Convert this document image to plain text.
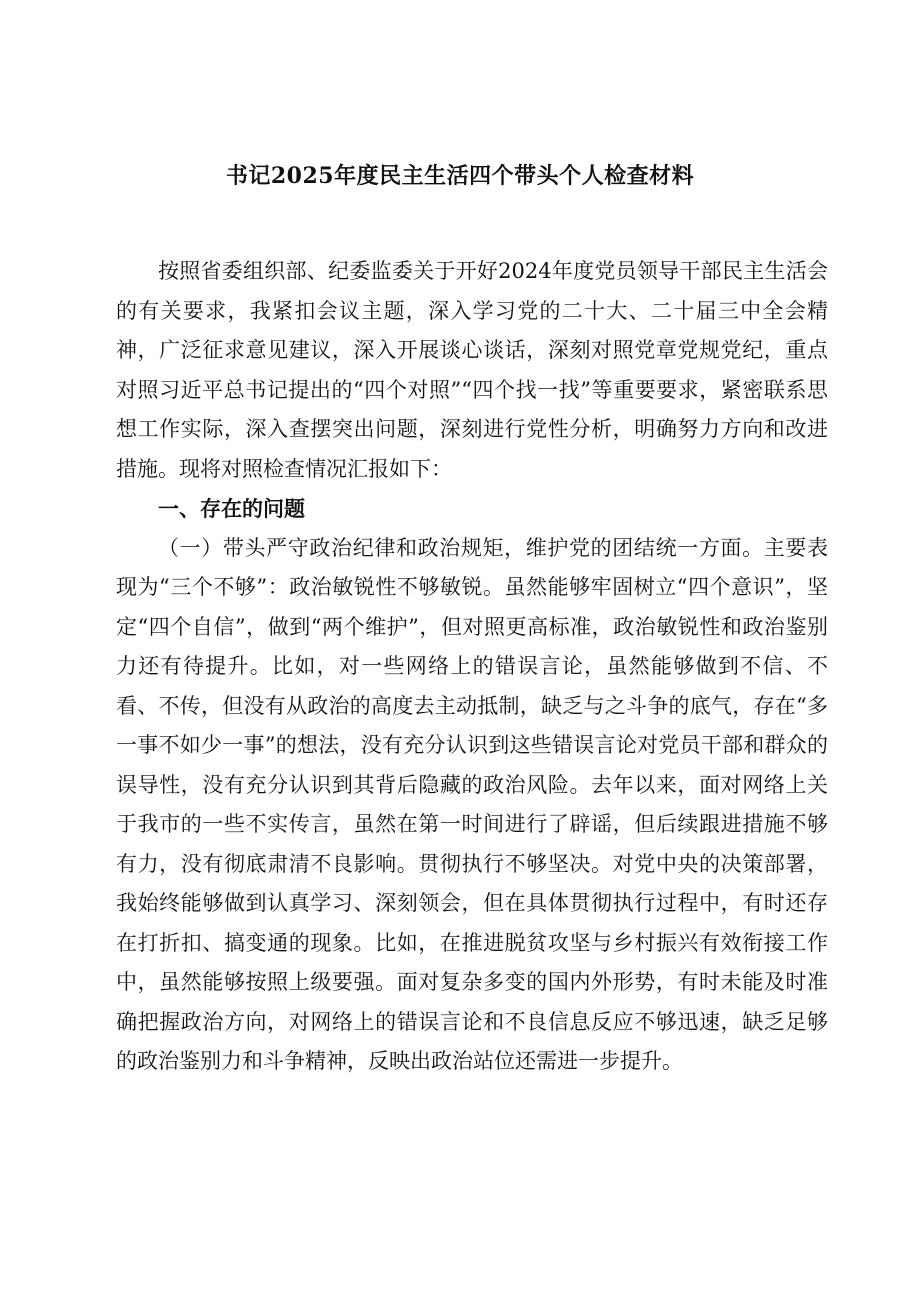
书记2025年度民主生活四个带头个人检查材料

按照省委组织部、纪委监委关于开好2024年度党员领导干部民主生活会的有关要求，我紧扣会议主题，深入学习党的二十大、二十届三中全会精神，广泛征求意见建议，深入开展谈心谈话，深刻对照党章党规党纪，重点对照习近平总书记提出的“四个对照”“四个找一找”等重要要求，紧密联系思想工作实际，深入查摆突出问题，深刻进行党性分析，明确努力方向和改进措施。现将对照检查情况汇报如下：

一、存在的问题

（一）带头严守政治纪律和政治规矩，维护党的团结统一方面。主要表现为“三个不够”：政治敏锐性不够敏锐。虽然能够牢固树立“四个意识”，坚定“四个自信”，做到“两个维护”，但对照更高标准，政治敏锐性和政治鉴别力还有待提升。比如，对一些网络上的错误言论，虽然能够做到不信、不看、不传，但没有从政治的高度去主动抵制，缺乏与之斗争的底气，存在“多一事不如少一事”的想法，没有充分认识到这些错误言论对党员干部和群众的误导性，没有充分认识到其背后隐藏的政治风险。去年以来，面对网络上关于我市的一些不实传言，虽然在第一时间进行了辟谣，但后续跟进措施不够有力，没有彻底肃清不良影响。贯彻执行不够坚决。对党中央的决策部署，我始终能够做到认真学习、深刻领会，但在具体贯彻执行过程中，有时还存在打折扣、搞变通的现象。比如，在推进脱贫攻坚与乡村振兴有效衔接工作中，虽然能够按照上级要强。面对复杂多变的国内外形势，有时未能及时准确把握政治方向，对网络上的错误言论和不良信息反应不够迅速，缺乏足够的政治鉴别力和斗争精神，反映出政治站位还需进一步提升。
